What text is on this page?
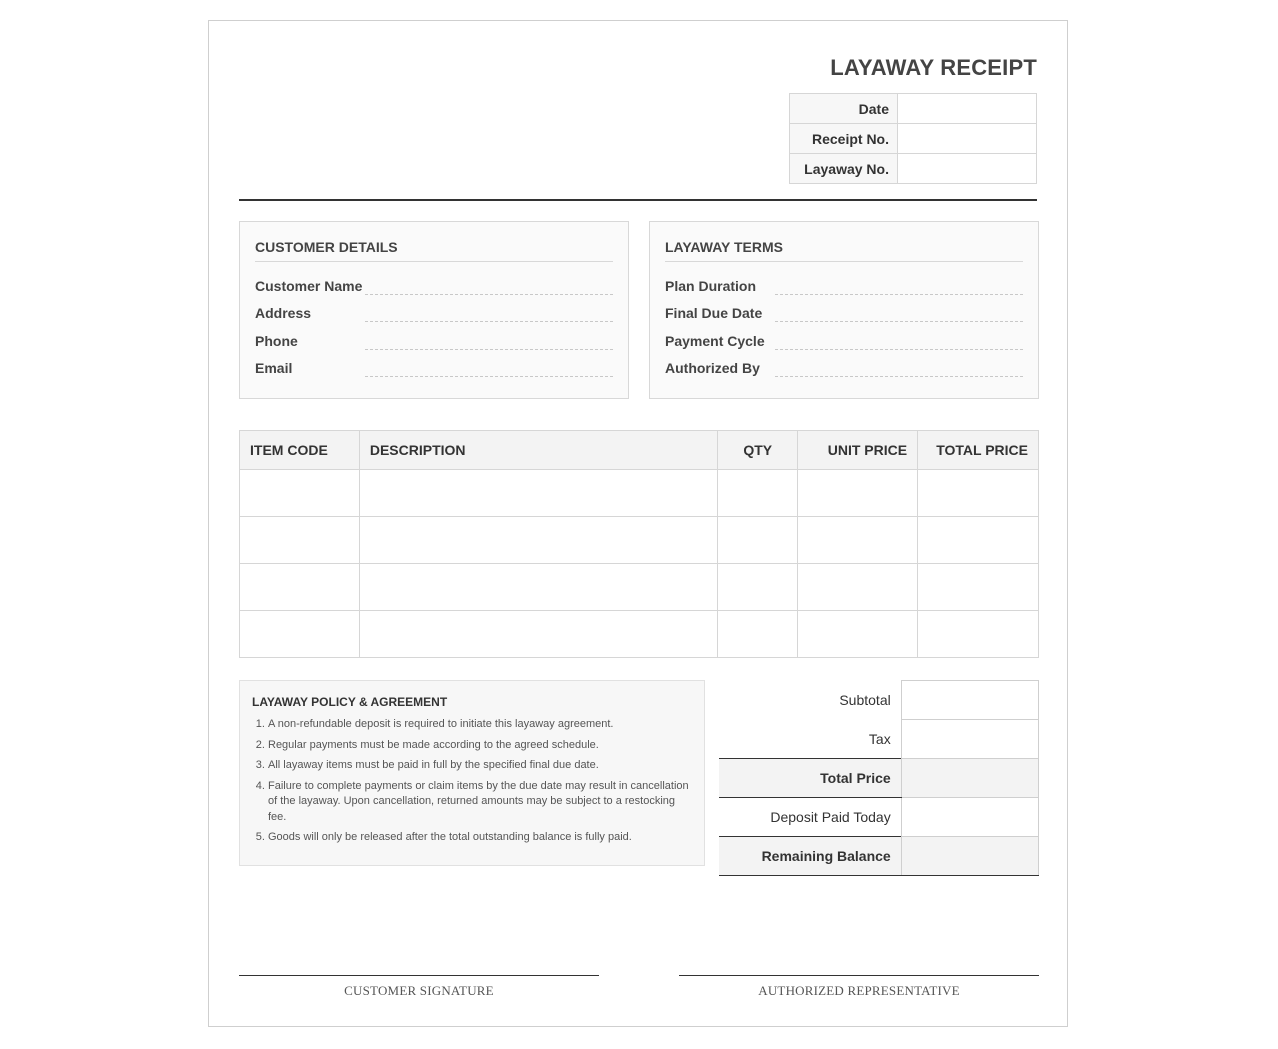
LAYAWAY RECEIPT
Date	
Receipt No.	
Layaway No.	
CUSTOMER DETAILS
Customer Name
Address
Phone
Email
LAYAWAY TERMS
Plan Duration
Final Due Date
Payment Cycle
Authorized By
ITEM CODE	DESCRIPTION	QTY	UNIT PRICE	TOTAL PRICE

LAYAWAY POLICY & AGREEMENT
1. A non-refundable deposit is required to initiate this layaway agreement.
2. Regular payments must be made according to the agreed schedule.
3. All layaway items must be paid in full by the specified final due date.
4. Failure to complete payments or claim items by the due date may result in cancellation of the layaway. Upon cancellation, returned amounts may be subject to a restocking fee.
5. Goods will only be released after the total outstanding balance is fully paid.
Subtotal	
Tax	
Total Price	
Deposit Paid Today	
Remaining Balance	
CUSTOMER SIGNATURE	AUTHORIZED REPRESENTATIVE
